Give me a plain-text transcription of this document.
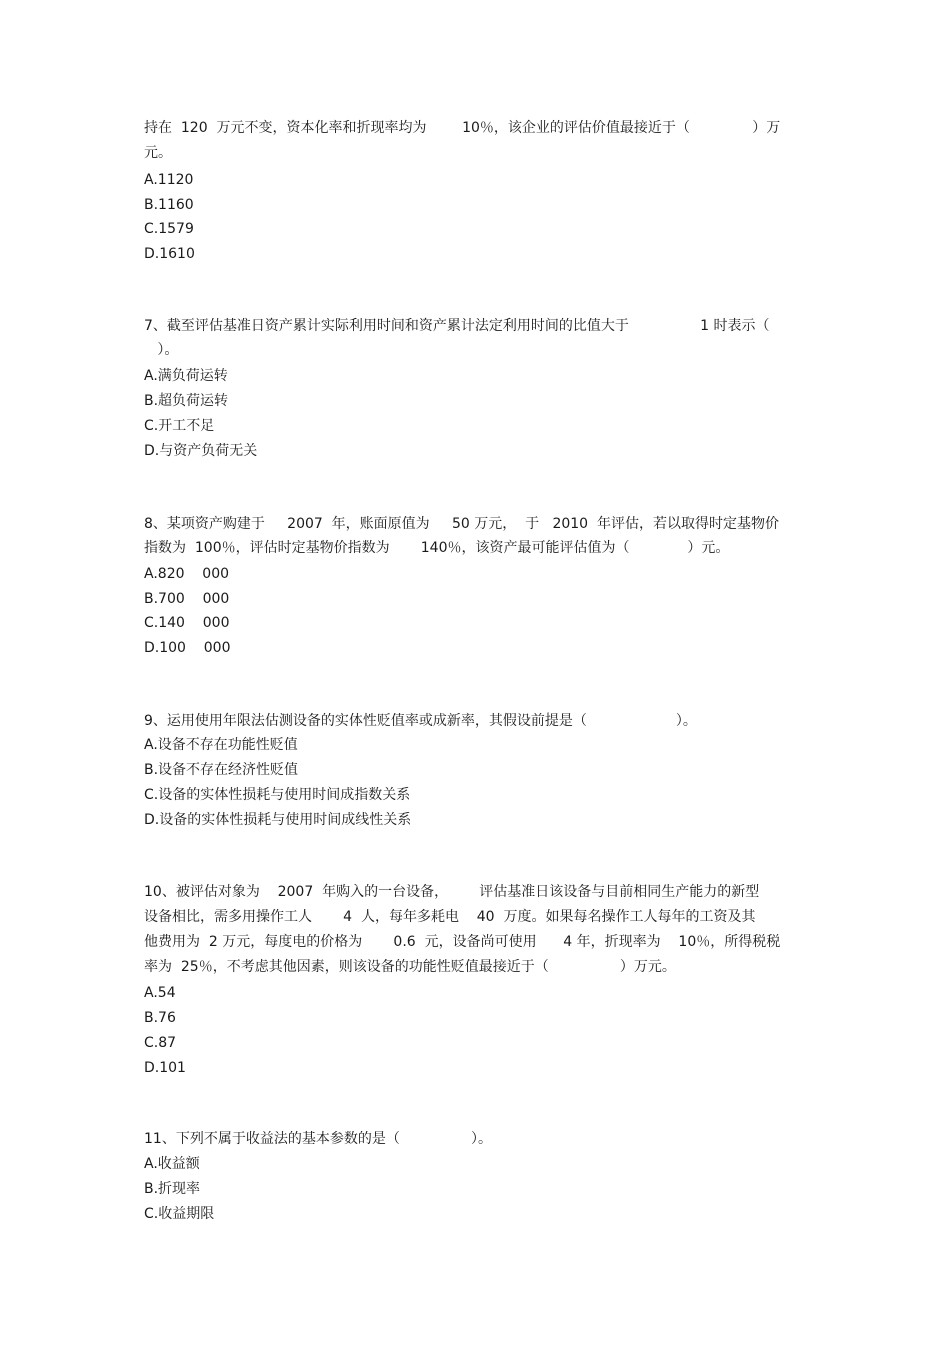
持在  120  万元不变，资本化率和折现率均为        10％，该企业的评估价值最接近于（              ）万
元。
A.1120
B.1160
C.1579
D.1610
7、截至评估基准日资产累计实际利用时间和资产累计法定利用时间的比值大于                1 时表示（
）。
A.满负荷运转
B.超负荷运转
C.开工不足
D.与资产负荷无关
8、某项资产购建于     2007  年，账面原值为     50 万元，  于   2010  年评估，若以取得时定基物价
指数为  100％，评估时定基物价指数为       140％，该资产最可能评估值为（             ）元。
A.820    000
B.700    000
C.140    000
D.100    000
9、运用使用年限法估测设备的实体性贬值率或成新率，其假设前提是（                    ）。
A.设备不存在功能性贬值
B.设备不存在经济性贬值
C.设备的实体性损耗与使用时间成指数关系
D.设备的实体性损耗与使用时间成线性关系
10、被评估对象为    2007  年购入的一台设备，       评估基准日该设备与目前相同生产能力的新型
设备相比，需多用操作工人       4  人，每年多耗电    40  万度。如果每名操作工人每年的工资及其
他费用为  2 万元，每度电的价格为       0.6  元，设备尚可使用      4 年，折现率为    10％，所得税税
率为  25％，不考虑其他因素，则该设备的功能性贬值最接近于（                ）万元。
A.54
B.76
C.87
D.101
11、下列不属于收益法的基本参数的是（                ）。
A.收益额
B.折现率
C.收益期限
